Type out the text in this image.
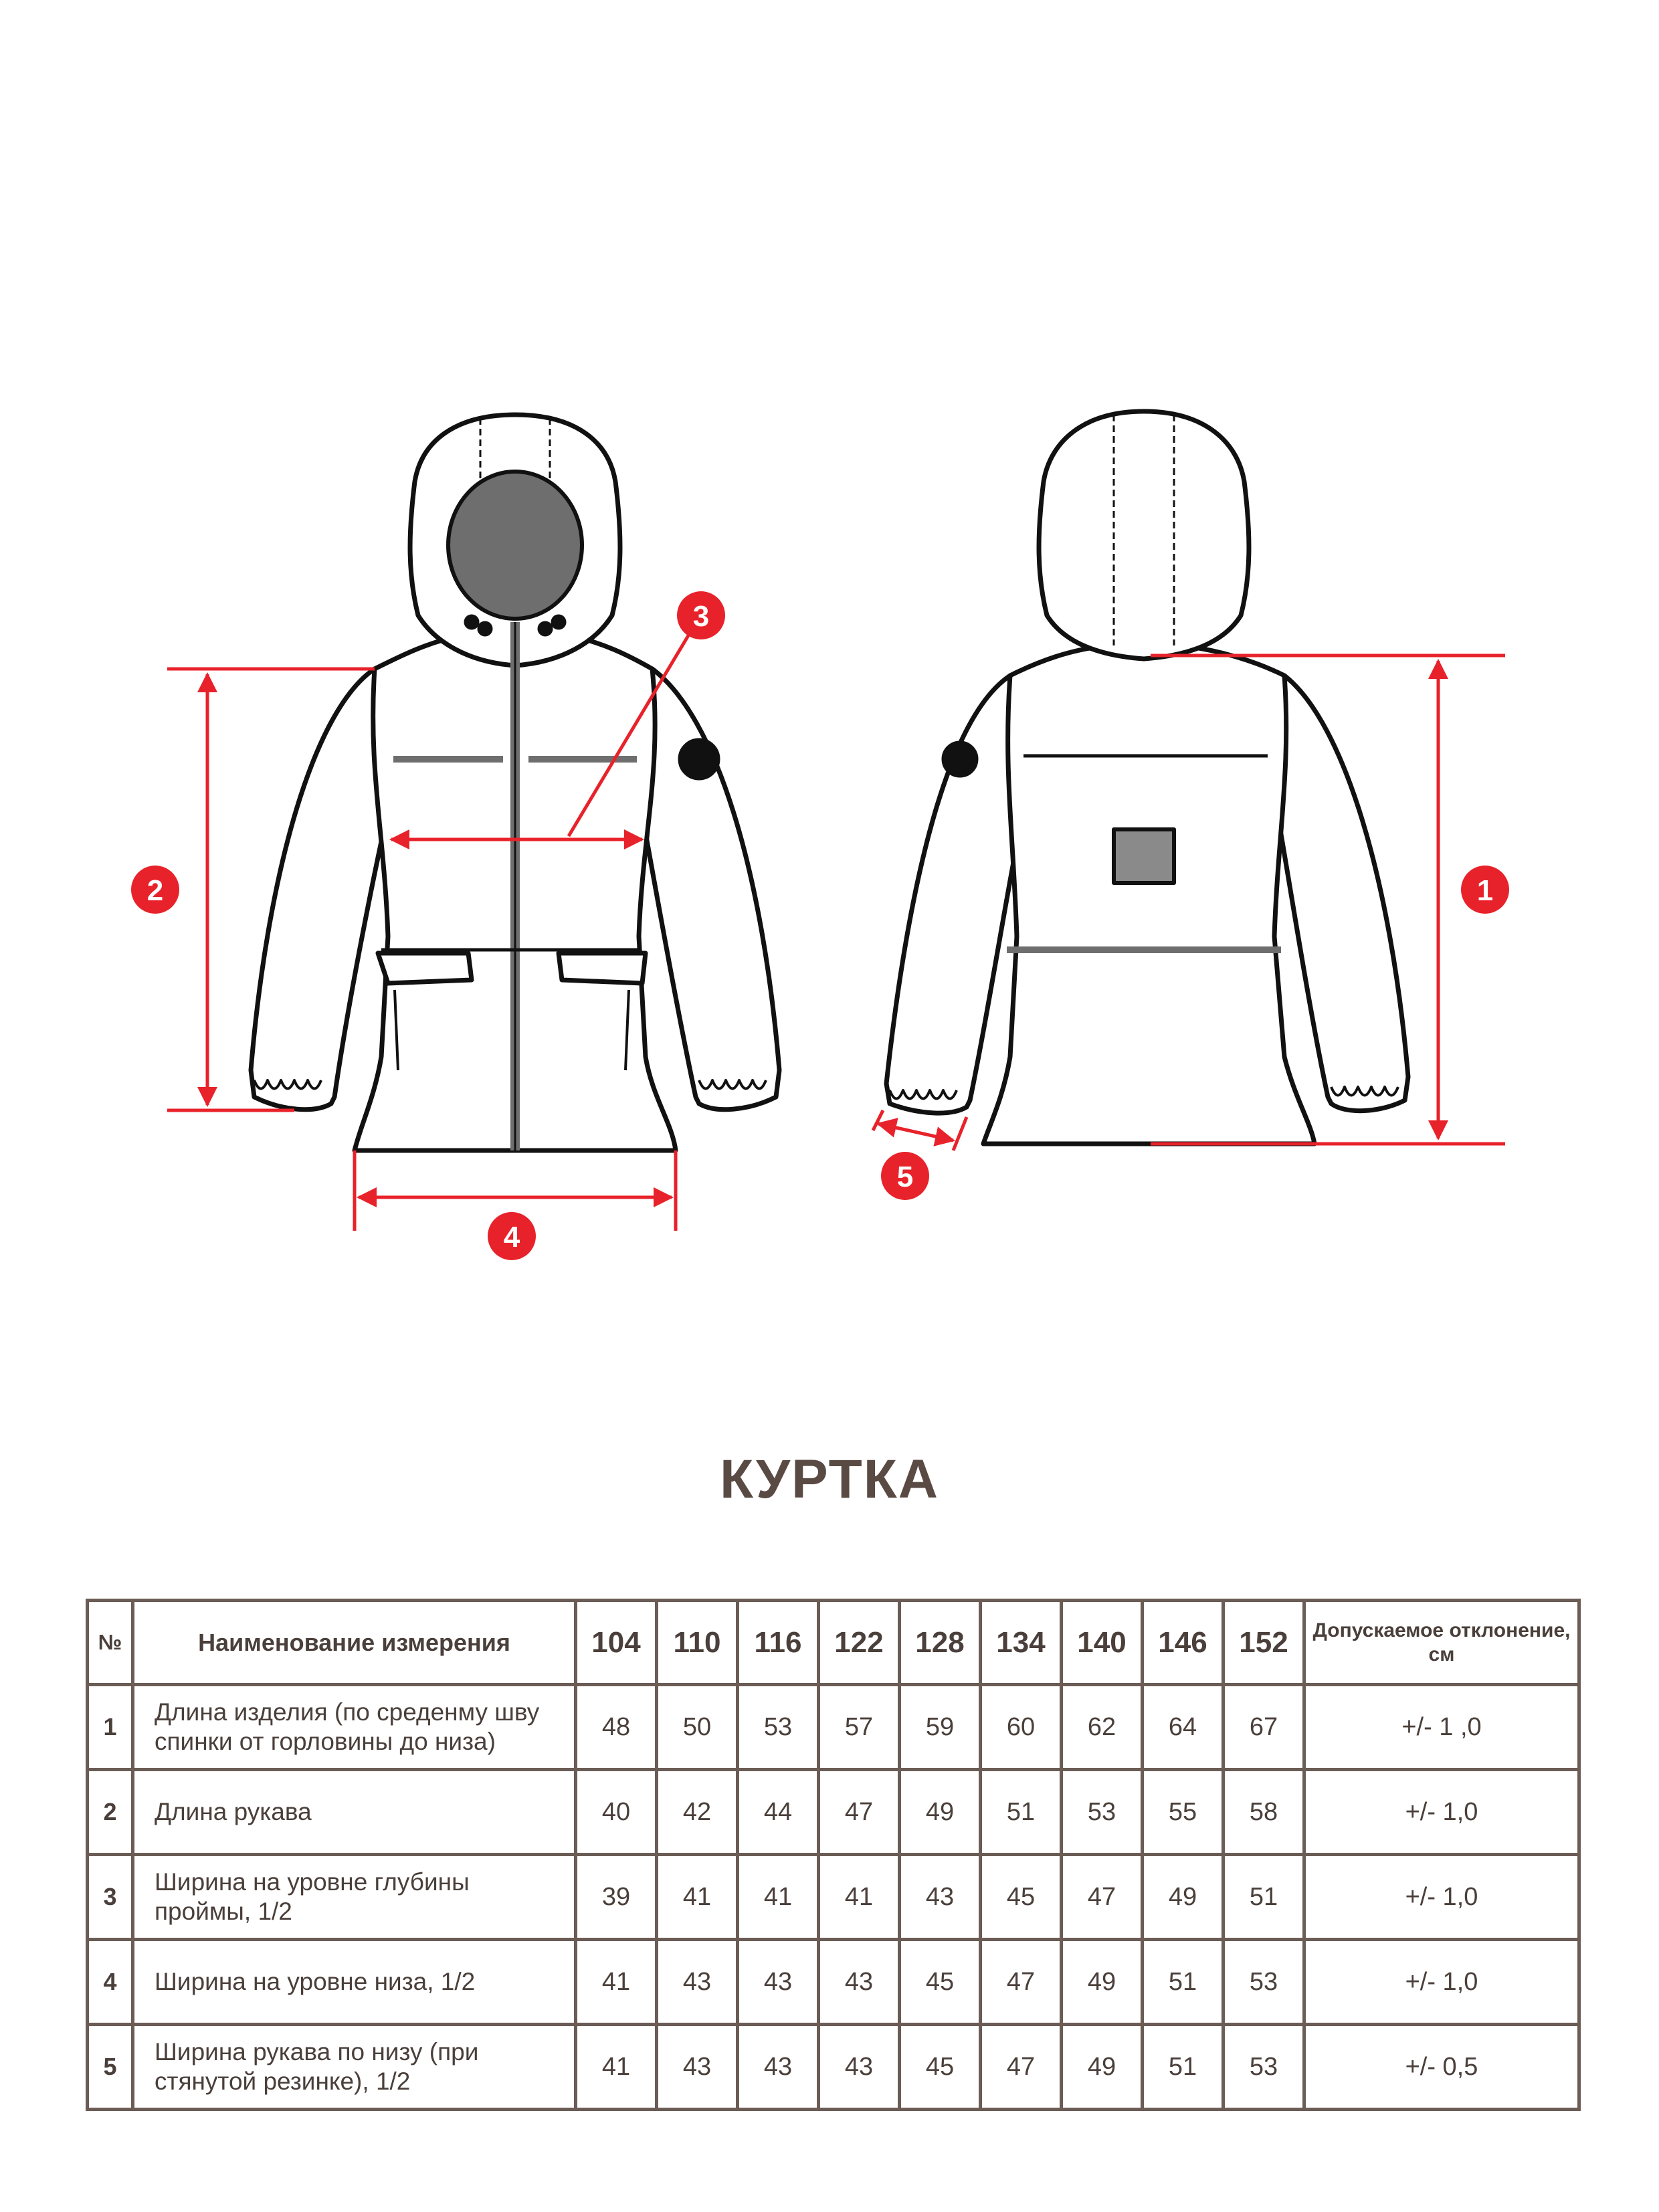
1
2
3
4
5
КУРТКА
№	Наименование измерения	104	110	116	122	128	134	140	146	152	Допускаемое отклонение, см
1	Длина изделия (по среденму шву спинки от горловины до низа)	48	50	53	57	59	60	62	64	67	+/- 1 ,0
2	Длина рукава	40	42	44	47	49	51	53	55	58	+/- 1,0
3	Ширина на уровне глубины проймы, 1/2	39	41	41	41	43	45	47	49	51	+/- 1,0
4	Ширина на уровне низа, 1/2	41	43	43	43	45	47	49	51	53	+/- 1,0
5	Ширина рукава по низу (при стянутой резинке), 1/2	41	43	43	43	45	47	49	51	53	+/- 0,5
